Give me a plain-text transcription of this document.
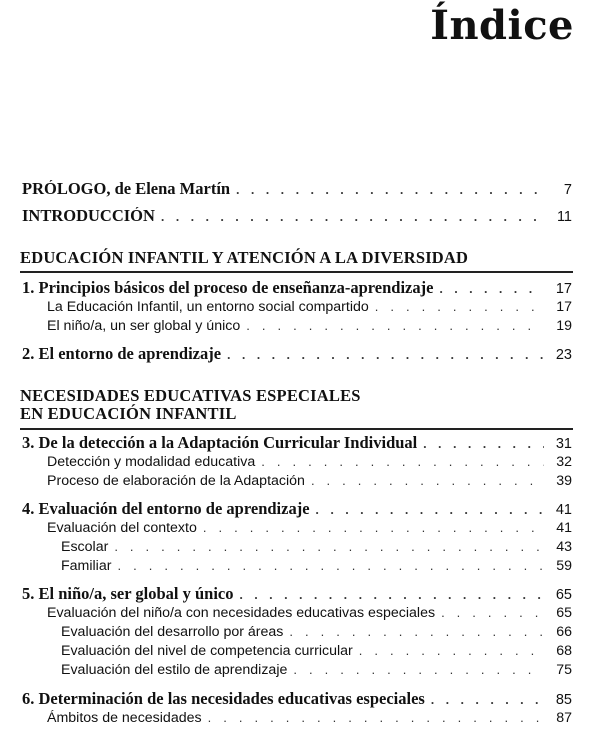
Índice
PRÓLOGO, de Elena Martín . . .	7
INTRODUCCIÓN . . .	11
EDUCACIÓN INFANTIL Y ATENCIÓN A LA DIVERSIDAD
1. Principios básicos del proceso de enseñanza-aprendizaje . . .	17
La Educación Infantil, un entorno social compartido . . .	17
El niño/a, un ser global y único . . .	19
2. El entorno de aprendizaje . . .	23
NECESIDADES EDUCATIVAS ESPECIALES
EN EDUCACIÓN INFANTIL
3. De la detección a la Adaptación Curricular Individual . . .	31
Detección y modalidad educativa . . .	32
Proceso de elaboración de la Adaptación . . .	39
4. Evaluación del entorno de aprendizaje . . .	41
Evaluación del contexto . . .	41
Escolar . . .	43
Familiar . . .	59
5. El niño/a, ser global y único . . .	65
Evaluación del niño/a con necesidades educativas especiales . . .	65
Evaluación del desarrollo por áreas . . .	66
Evaluación del nivel de competencia curricular . . .	68
Evaluación del estilo de aprendizaje . . .	75
6. Determinación de las necesidades educativas especiales . . .	85
Ámbitos de necesidades . . .	87
